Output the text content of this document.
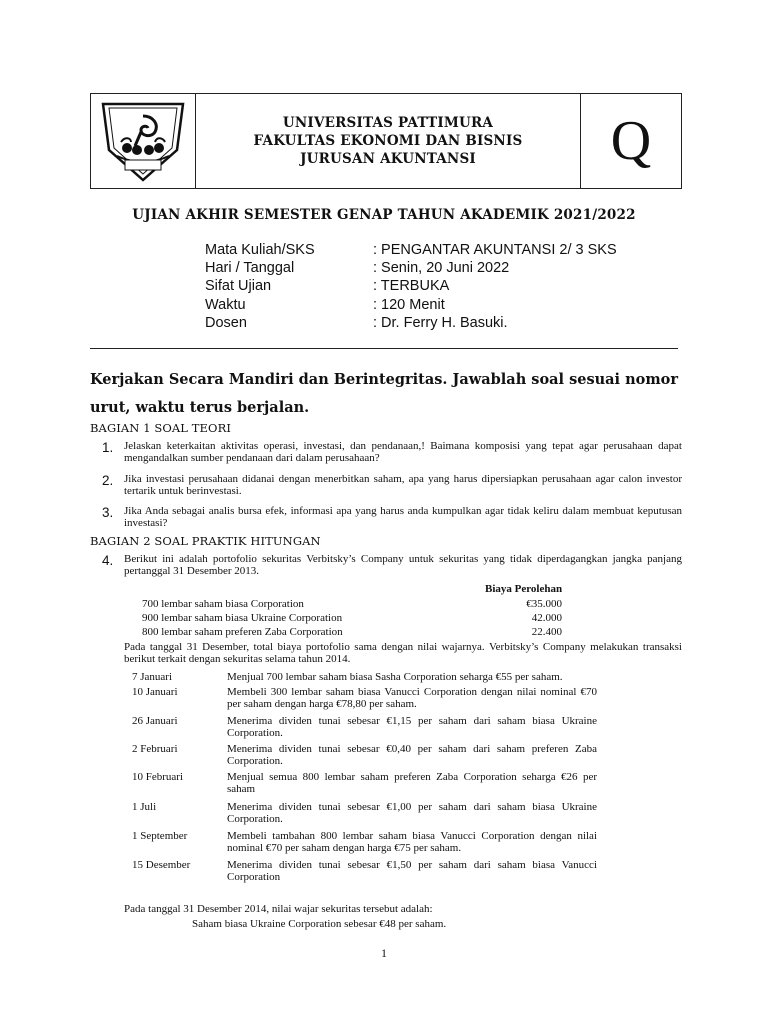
UNIVERSITAS PATTIMURA
FAKULTAS EKONOMI DAN BISNIS
JURUSAN AKUNTANSI	Q
UJIAN AKHIR SEMESTER GENAP TAHUN AKADEMIK 2021/2022
Mata Kuliah/SKS	: PENGANTAR AKUNTANSI 2/ 3 SKS
Hari / Tanggal	: Senin, 20 Juni 2022
Sifat Ujian	: TERBUKA
Waktu	: 120 Menit
Dosen	: Dr. Ferry H. Basuki.
Kerjakan Secara Mandiri dan Berintegritas. Jawablah soal sesuai nomor urut, waktu terus berjalan.
BAGIAN 1 SOAL TEORI
1. Jelaskan keterkaitan aktivitas operasi, investasi, dan pendanaan,! Baimana komposisi yang tepat agar perusahaan dapat mengandalkan sumber pendanaan dari dalam perusahaan?
2. Jika investasi perusahaan didanai dengan menerbitkan saham, apa yang harus dipersiapkan perusahaan agar calon investor tertarik untuk berinvestasi.
3. Jika Anda sebagai analis bursa efek, informasi apa yang harus anda kumpulkan agar tidak keliru dalam membuat keputusan investasi?
BAGIAN 2 SOAL PRAKTIK HITUNGAN
4. Berikut ini adalah portofolio sekuritas Verbitsky’s Company untuk sekuritas yang tidak diperdagangkan jangka panjang pertanggal 31 Desember 2013.
Biaya Perolehan
700 lembar saham biasa Corporation	€35.000
900 lembar saham biasa Ukraine Corporation	42.000
800 lembar saham preferen Zaba Corporation	22.400
Pada tanggal 31 Desember, total biaya portofolio sama dengan nilai wajarnya. Verbitsky’s Company melakukan transaksi berikut terkait dengan sekuritas selama tahun 2014.
7 Januari	Menjual 700 lembar saham biasa Sasha Corporation seharga €55 per saham.
10 Januari	Membeli 300 lembar saham biasa Vanucci Corporation dengan nilai nominal €70 per saham dengan harga €78,80 per saham.
26 Januari	Menerima dividen tunai sebesar €1,15 per saham dari saham biasa Ukraine Corporation.
2 Februari	Menerima dividen tunai sebesar €0,40 per saham dari saham preferen Zaba Corporation.
10 Februari	Menjual semua 800 lembar saham preferen Zaba Corporation seharga €26 per saham
1 Juli	Menerima dividen tunai sebesar €1,00 per saham dari saham biasa Ukraine Corporation.
1 September	Membeli tambahan 800 lembar saham biasa Vanucci Corporation dengan nilai nominal €70 per saham dengan harga €75 per saham.
15 Desember	Menerima dividen tunai sebesar €1,50 per saham dari saham biasa Vanucci Corporation
Pada tanggal 31 Desember 2014, nilai wajar sekuritas tersebut adalah:
Saham biasa Ukraine Corporation sebesar €48 per saham.
1
